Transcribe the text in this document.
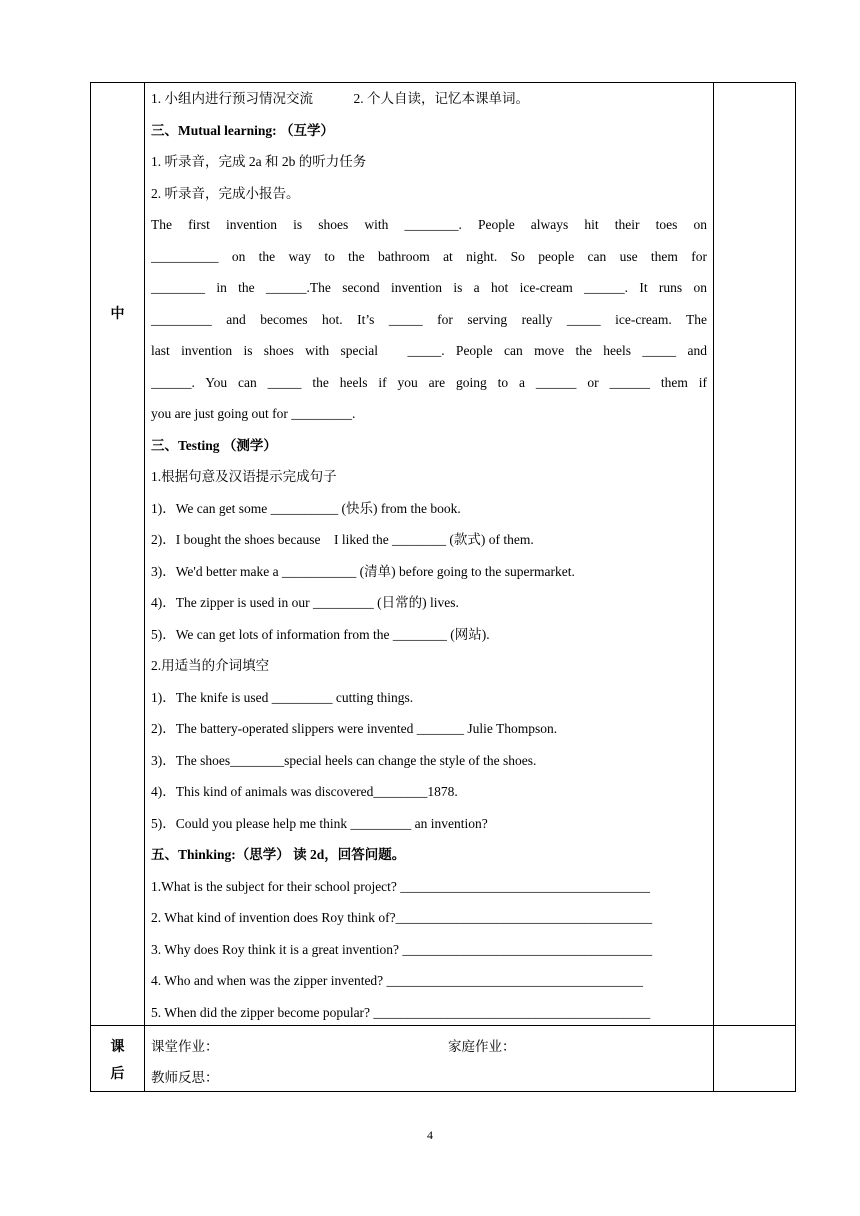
中
课
后
1. 小组内进行预习情况交流　　　2. 个人自读，记忆本课单词。
三、Mutual learning: （互学）
1. 听录音，完成 2a 和 2b 的听力任务
2. 听录音，完成小报告。
The first invention is shoes with ________. People always hit their toes on
__________ on the way to the bathroom at night. So people can use them for
________ in the ______.The second invention is a hot ice-cream ______. It runs on
_________ and becomes hot. It’s _____ for serving really _____ ice-cream. The
last invention is shoes with special　_____. People can move the heels _____ and
______. You can _____ the heels if you are going to a ______ or ______ them if
you are just going out for _________.
三、Testing （测学）
1.根据句意及汉语提示完成句子
1)．We can get some __________ (快乐) from the book.
2)．I bought the shoes because　I liked the ________ (款式) of them.
3)．We'd better make a ___________ (清单) before going to the supermarket.
4)．The zipper is used in our _________ (日常的) lives.
5)．We can get lots of information from the ________ (网站).
2.用适当的介词填空
1)．The knife is used _________ cutting things.
2)．The battery-operated slippers were invented _______ Julie Thompson.
3)．The shoes________special heels can change the style of the shoes.
4)．This kind of animals was discovered________1878.
5)．Could you please help me think _________ an invention?
五、Thinking:（思学） 读 2d，回答问题。
1.What is the subject for their school project? _____________________________________
2. What kind of invention does Roy think of?______________________________________
3. Why does Roy think it is a great invention? _____________________________________
4. Who and when was the zipper invented? ______________________________________
5. When did the zipper become popular? _________________________________________
课堂作业：	家庭作业：
教师反思：
4
